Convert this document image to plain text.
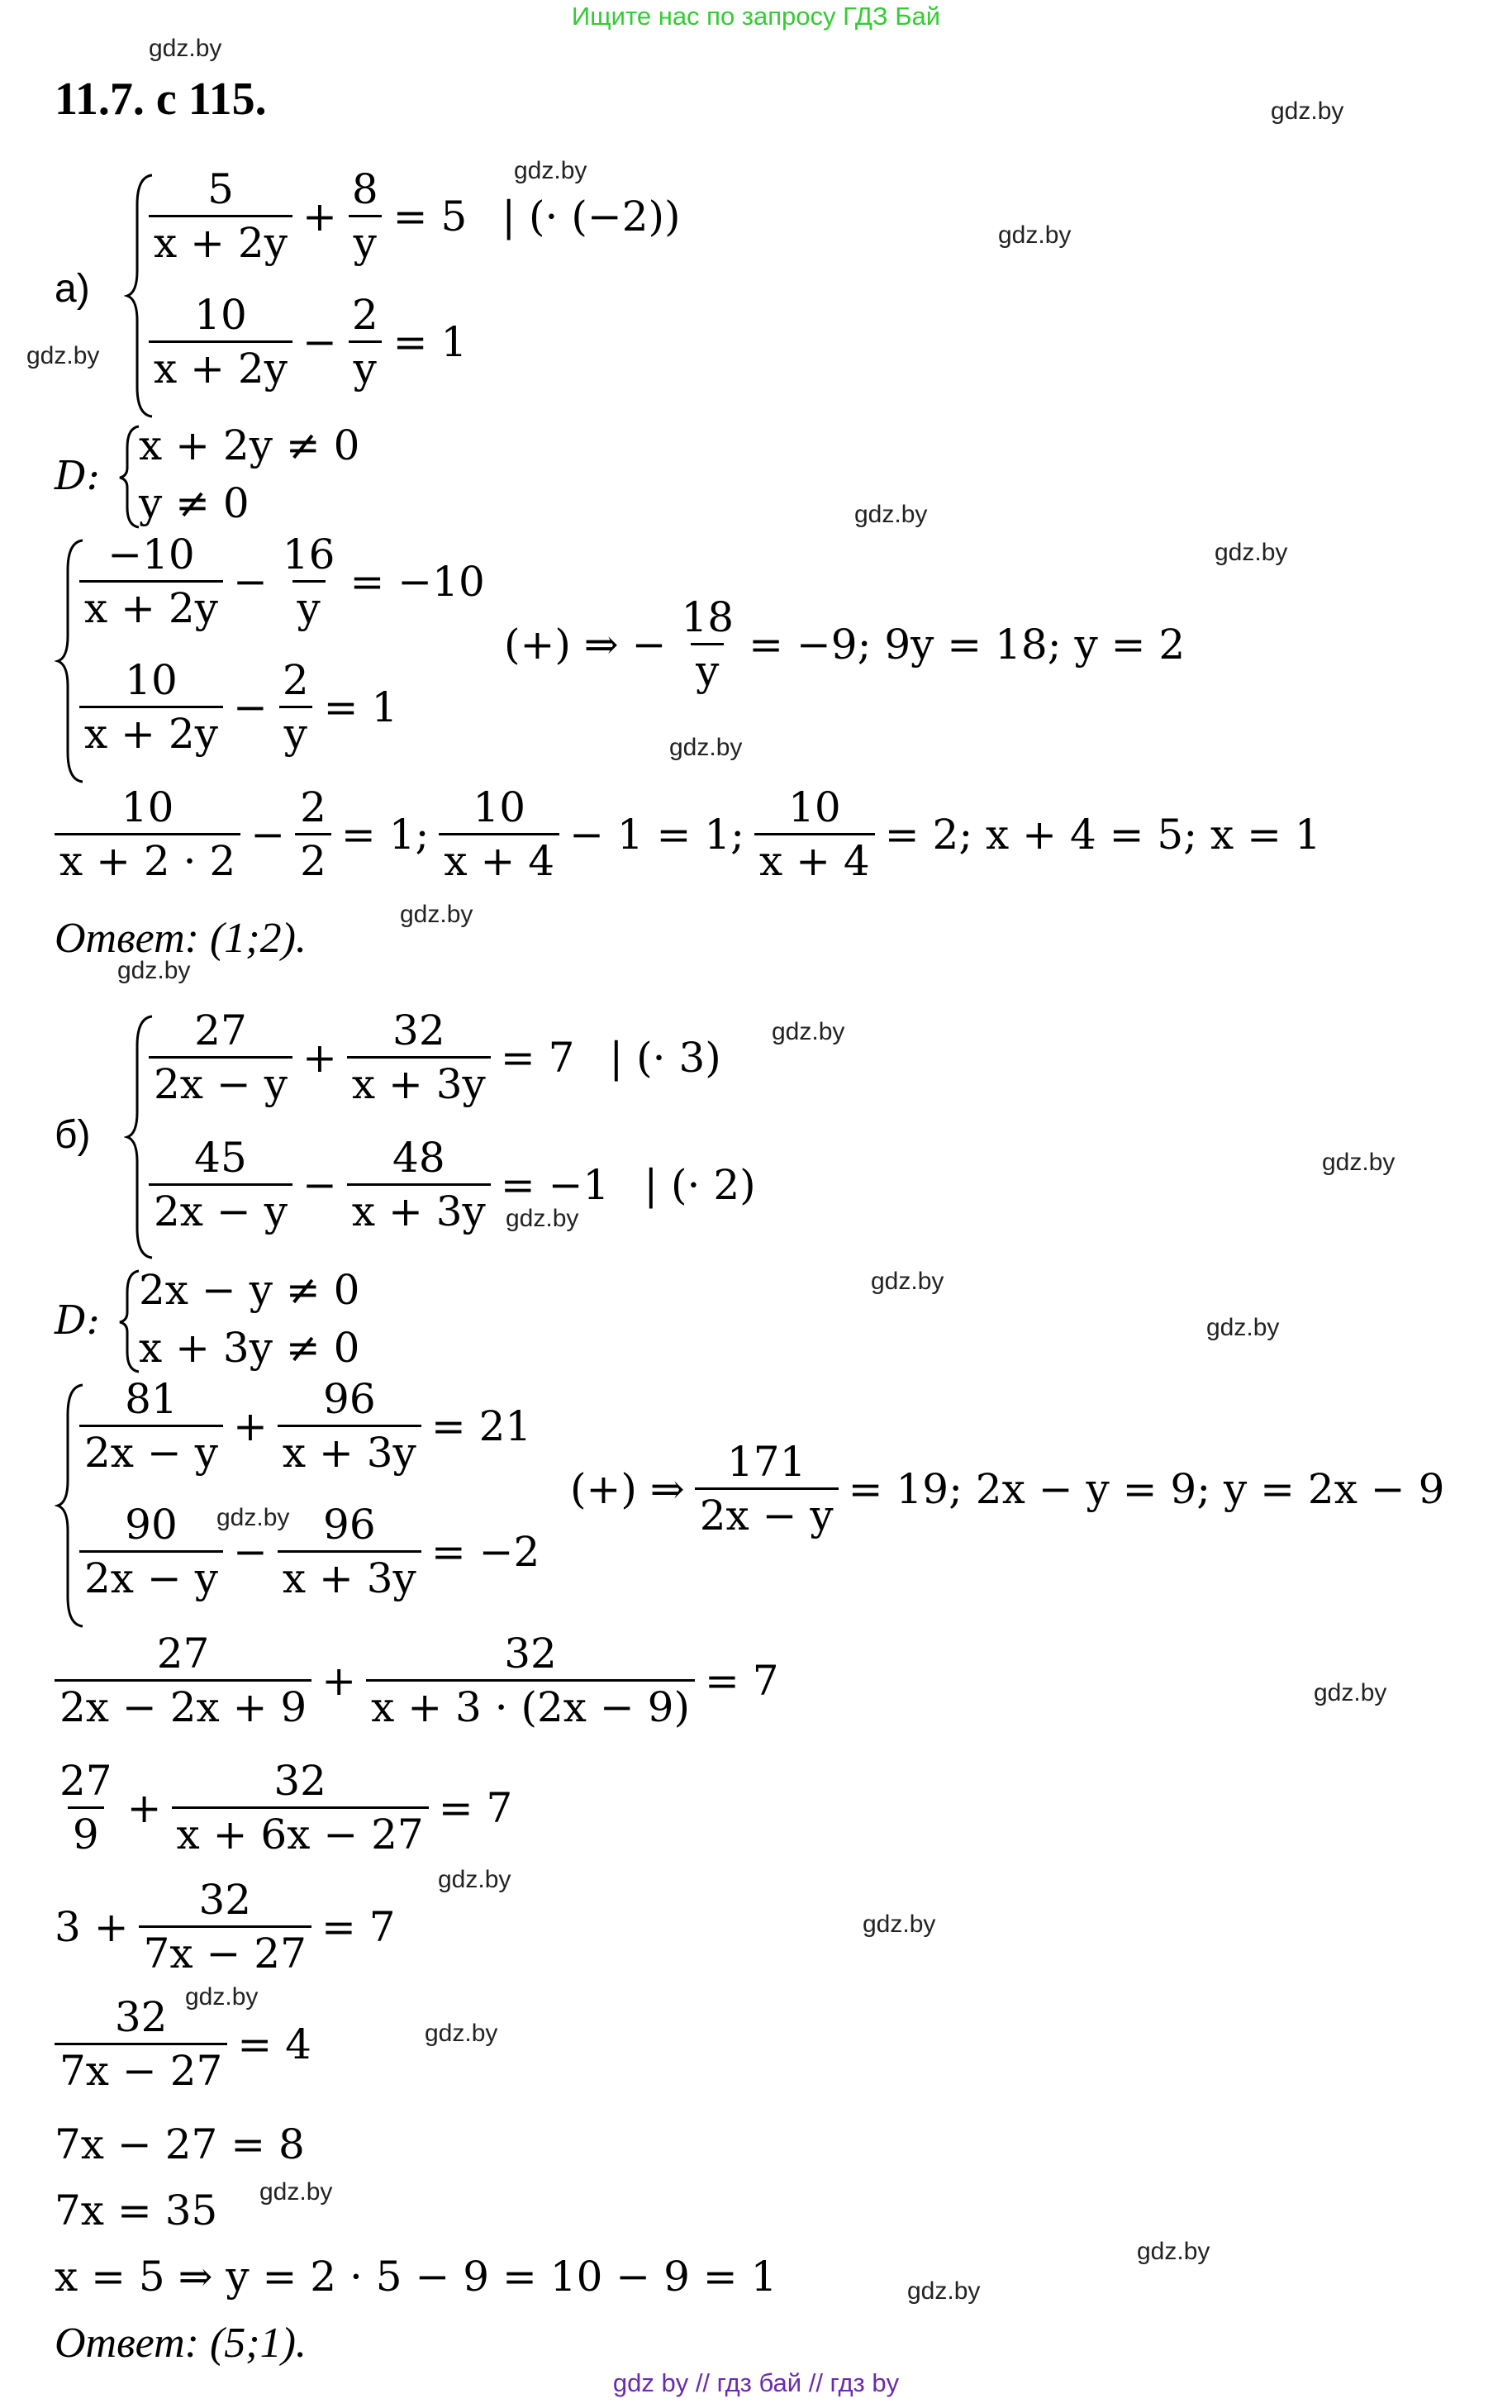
Ищите нас по запросу ГДЗ Бай
gdz by // гдз бай // гдз by
gdz.by
gdz.by
gdz.by
gdz.by
gdz.by
gdz.by
gdz.by
gdz.by
gdz.by
gdz.by
gdz.by
gdz.by
gdz.by
gdz.by
gdz.by
gdz.by
gdz.by
gdz.by
gdz.by
gdz.by
gdz.by
gdz.by
gdz.by
gdz.by
11.7. с 115.
а)
$\frac{5}{x + 2y} + \frac{8}{y} = 5$ | (· (−2))
$\frac{10}{x + 2y} - \frac{2}{y} = 1$
D:
x + 2y ≠ 0
y ≠ 0
$\frac{-10}{x + 2y} - \frac{16}{y} = -10$
$\frac{10}{x + 2y} - \frac{2}{y} = 1$
(+) ⇒ − $\frac{18}{y} = -9$; 9y = 18; y = 2
$\frac{10}{x + 2 \cdot 2} - \frac{2}{2} = 1$; $\frac{10}{x + 4} - 1 = 1$; $\frac{10}{x + 4} = 2$; x + 4 = 5; x = 1
Ответ: (1;2).
б)
$\frac{27}{2x - y} + \frac{32}{x + 3y} = 7$ | (· 3)
$\frac{45}{2x - y} - \frac{48}{x + 3y} = -1$ | (· 2)
D:
2x − y ≠ 0
x + 3y ≠ 0
$\frac{81}{2x - y} + \frac{96}{x + 3y} = 21$
$\frac{90}{2x - y} - \frac{96}{x + 3y} = -2$
(+) ⇒ $\frac{171}{2x - y} = 19$; 2x − y = 9; y = 2x − 9
$\frac{27}{2x - 2x + 9} + \frac{32}{x + 3 \cdot (2x - 9)} = 7$
$\frac{27}{9} + \frac{32}{x + 6x - 27} = 7$
$3 + \frac{32}{7x - 27} = 7$
$\frac{32}{7x - 27} = 4$
7x − 27 = 8
7x = 35
x = 5 ⇒ y = 2 · 5 − 9 = 10 − 9 = 1
Ответ: (5;1).
